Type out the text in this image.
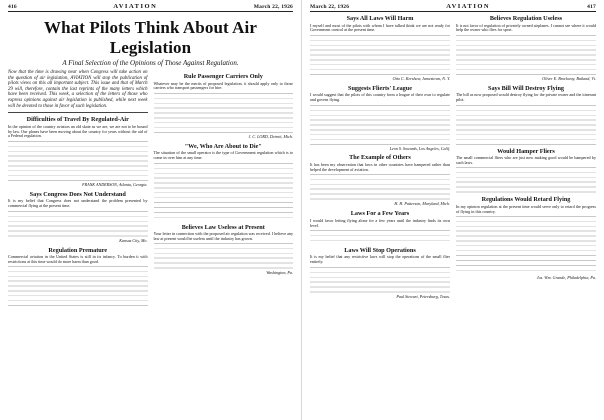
416	AVIATION	March 22, 1926
What Pilots Think About Air Legislation
A Final Selection of the Opinions of Those Against Regulation.

Now that the time is drawing near when Congress will take action on the question of air legislation, AVIATION will stop the publication of pilots views on this all important subject. This issue and that of March 29 will, therefore, contain the last reprints of the many letters which have been received. This week, a selection of the letters of those who express opinions against air legislation is published, while next week will be devoted to those in favor of such legislation.

Difficulties of Travel By Regulated-Air

In the opinion of the country aviators an old skate as we are, we are not to be bound by law. Our planes have been moving about the country for years without the aid of a Federal regulation.

FRANK ANDERSON, Atlanta, Georgia.
Says Congress Does Not Understand

It is my belief that Congress does not understand the problem presented by commercial flying at the present time.

Kansas City, Mo.
Regulation Premature

Commercial aviation in the United States is still in its infancy. To burden it with restrictions at this time would do more harm than good.

Rule Passenger Carriers Only

Whatever may be the merits of proposed legislation, it should apply only to those carriers who transport passengers for hire.

J. C. LORD, Detroit, Mich.
"We, Who Are About to Die"

The situation of the small operator is the type of Government regulation which is to come in over him at any time.

Believes Law Useless at Present

Your letter in connection with the proposed air regulation was received. I believe any law at present would be useless until the industry has grown.

Washington, Pa.
March 22, 1926	AVIATION	417
Says All Laws Will Harm

I myself and most of the pilots with whom I have talked think we are not ready for Government control at the present time.

Otto C. Kershaw, Jamestown, N. Y.
Suggests Flierts' League

I would suggest that the pilots of this country form a league of their own to regulate and govern flying.

Leon S. Sowards, Los Angeles, Calif.
The Example of Others

It has been my observation that laws in other countries have hampered rather than helped the development of aviation.

H. H. Patterson, Maryland, Mich.
Laws For a Few Years

I would favor letting flying alone for a few years until the industry finds its own level.

Laws Will Stop Operations

It is my belief that any restrictive laws will stop the operations of the small flier entirely.

Paul Stewart, Petersburg, Texas.
Believes Regulation Useless

It is not favor of regulation of privately owned airplanes. I cannot see where it would help the owner who flies for sport.

Oliver E. Brockway, Butland, Vt.
Says Bill Will Destroy Flying

The bill as now proposed would destroy flying for the private owner and the itinerant pilot.

Would Hamper Fliers

The small commercial fliers who are just now making good would be hampered by such laws.

Regulations Would Retard Flying

In my opinion regulation at the present time would serve only to retard the progress of flying in this country.

Jos. Wm. Grande, Philadelphia, Pa.
